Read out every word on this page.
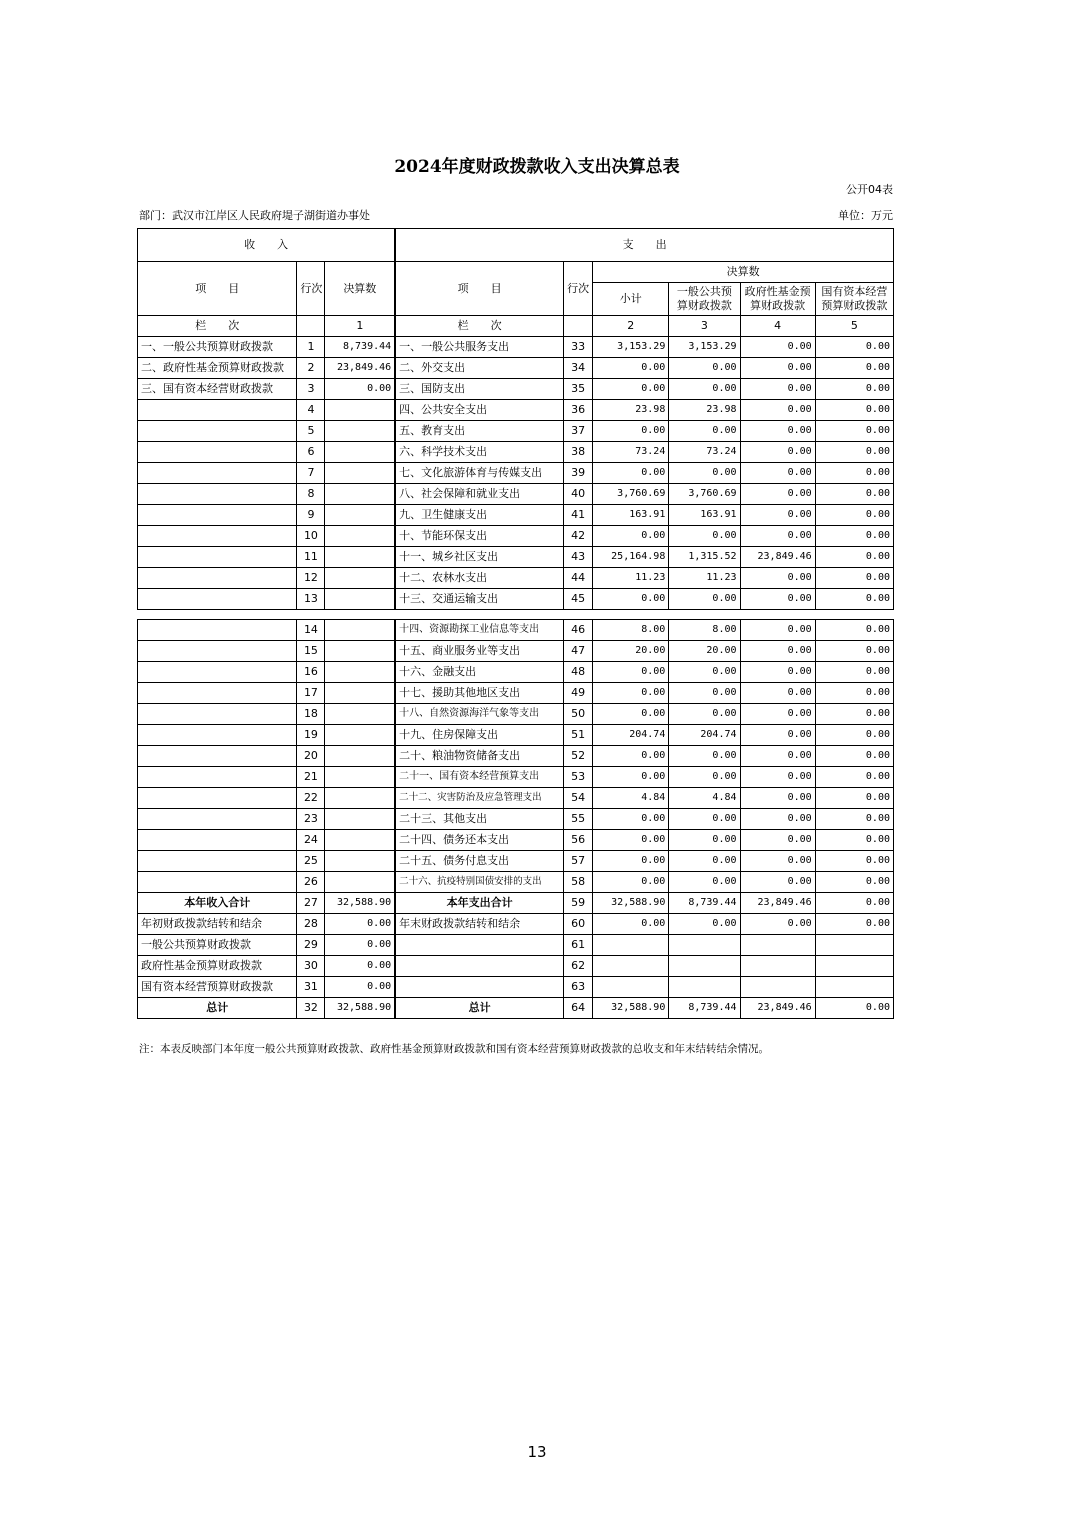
2024年度财政拨款收入支出决算总表
公开04表
部门：武汉市江岸区人民政府堤子湖街道办事处	单位：万元
收　　入			支　　出					
项　　目	行次	决算数	项　　目	行次	决算数			
					小计	一般公共预算财政拨款	政府性基金预算财政拨款	国有资本经营预算财政拨款
栏　　次		1	栏　　次		2	3	4	5
一、一般公共预算财政拨款	1	8,739.44	一、一般公共服务支出	33	3,153.29	3,153.29	0.00	0.00
二、政府性基金预算财政拨款	2	23,849.46	二、外交支出	34	0.00	0.00	0.00	0.00
三、国有资本经营财政拨款	3	0.00	三、国防支出	35	0.00	0.00	0.00	0.00
	4		四、公共安全支出	36	23.98	23.98	0.00	0.00
	5		五、教育支出	37	0.00	0.00	0.00	0.00
	6		六、科学技术支出	38	73.24	73.24	0.00	0.00
	7		七、文化旅游体育与传媒支出	39	0.00	0.00	0.00	0.00
	8		八、社会保障和就业支出	40	3,760.69	3,760.69	0.00	0.00
	9		九、卫生健康支出	41	163.91	163.91	0.00	0.00
	10		十、节能环保支出	42	0.00	0.00	0.00	0.00
	11		十一、城乡社区支出	43	25,164.98	1,315.52	23,849.46	0.00
	12		十二、农林水支出	44	11.23	11.23	0.00	0.00
	13		十三、交通运输支出	45	0.00	0.00	0.00	0.00

	14		十四、资源勘探工业信息等支出	46	8.00	8.00	0.00	0.00
	15		十五、商业服务业等支出	47	20.00	20.00	0.00	0.00
	16		十六、金融支出	48	0.00	0.00	0.00	0.00
	17		十七、援助其他地区支出	49	0.00	0.00	0.00	0.00
	18		十八、自然资源海洋气象等支出	50	0.00	0.00	0.00	0.00
	19		十九、住房保障支出	51	204.74	204.74	0.00	0.00
	20		二十、粮油物资储备支出	52	0.00	0.00	0.00	0.00
	21		二十一、国有资本经营预算支出	53	0.00	0.00	0.00	0.00
	22		二十二、灾害防治及应急管理支出	54	4.84	4.84	0.00	0.00
	23		二十三、其他支出	55	0.00	0.00	0.00	0.00
	24		二十四、债务还本支出	56	0.00	0.00	0.00	0.00
	25		二十五、债务付息支出	57	0.00	0.00	0.00	0.00
	26		二十六、抗疫特别国债安排的支出	58	0.00	0.00	0.00	0.00
本年收入合计	27	32,588.90	本年支出合计	59	32,588.90	8,739.44	23,849.46	0.00
年初财政拨款结转和结余	28	0.00	年末财政拨款结转和结余	60	0.00	0.00	0.00	0.00
一般公共预算财政拨款	29	0.00		61				
政府性基金预算财政拨款	30	0.00		62				
国有资本经营预算财政拨款	31	0.00		63				
总计	32	32,588.90	总计	64	32,588.90	8,739.44	23,849.46	0.00
注：本表反映部门本年度一般公共预算财政拨款、政府性基金预算财政拨款和国有资本经营预算财政拨款的总收支和年末结转结余情况。
13
